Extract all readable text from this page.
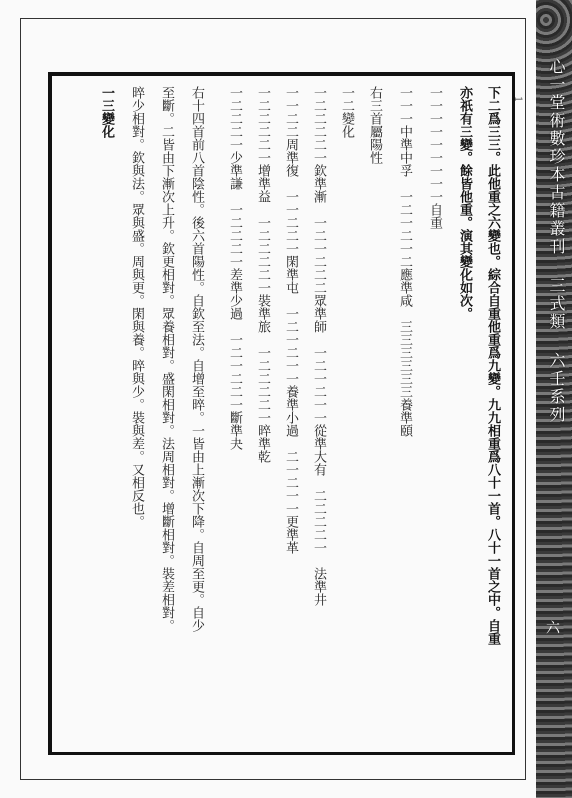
1
下二爲三三。此他重之六變也。綜合自重他重爲九變。九九相重爲八十一首。八十一首之中。自重
亦祇有三變。餘皆他重。演其變化如次。
一一一一一一一一一自重
一一一中準中孚　一二一二一二應準咸　三三三三三三養準頤
右三首屬陽性
一二變化
一二二二二一欽準漸　一二一二二二眾準師　一二一二一一從準大有　二二二二一　法準井
一一二二周準復　一一二二一閑準屯　一二一二一一養準小過　二一二一一更準革
一二二二二一增準益　一二二二二一裝準旅　一二二二二一晬準乾
一二二二一少準謙　一二二二一差準少過　一二一二二一斷準夬
右十四首前八首陰性。後六首陽性。自欽至法。自增至晬。一皆由上漸次下降。自周至更。自少
至斷。二皆由下漸次上升。欽更相對。眾養相對。盛閑相對。法周相對。增斷相對。裝差相對。
晬少相對。欽與法。眾與盛。周與更。閑與養。晬與少。裝與差。又相反也。
一三變化	心一堂術數珍本古籍叢刊 三式類 六壬系列
六
